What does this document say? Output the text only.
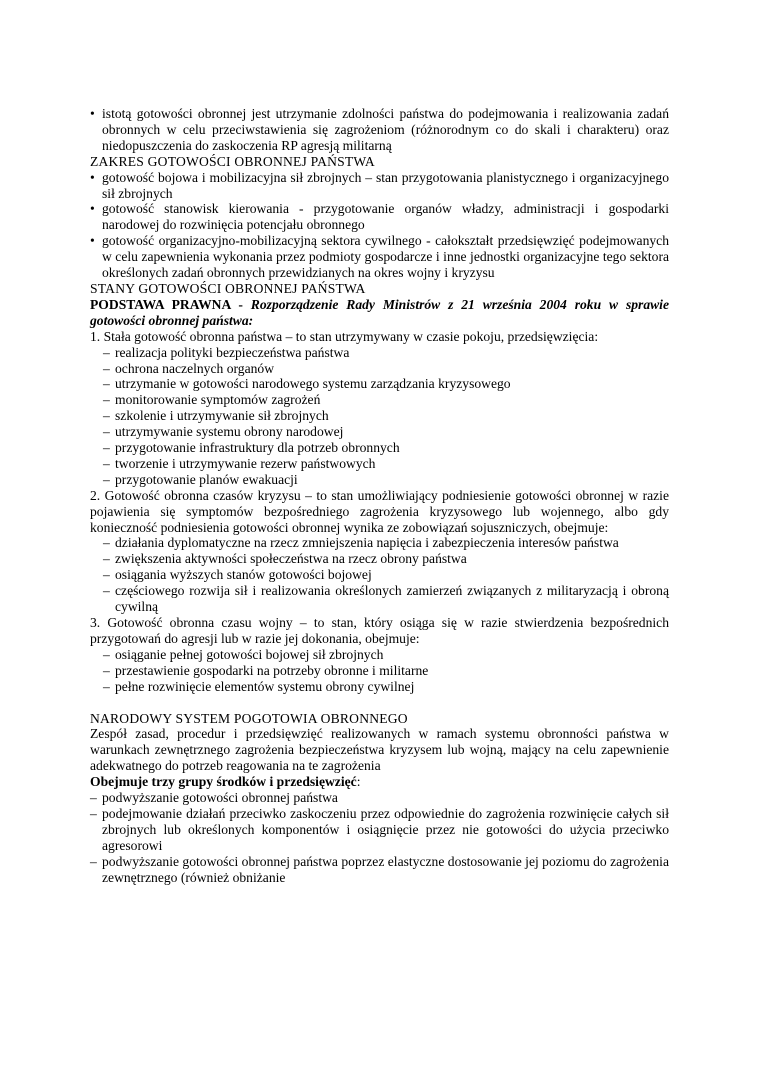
• istotą gotowości obronnej jest utrzymanie zdolności państwa do podejmowania i realizowania zadań obronnych w celu przeciwstawienia się zagrożeniom (różnorodnym co do skali i charakteru) oraz niedopuszczenia do zaskoczenia RP agresją militarną
ZAKRES GOTOWOŚCI OBRONNEJ PAŃSTWA
• gotowość bojowa i mobilizacyjna sił zbrojnych – stan przygotowania planistycznego i organizacyjnego sił zbrojnych
• gotowość stanowisk kierowania - przygotowanie organów władzy, administracji i gospodarki narodowej do rozwinięcia potencjału obronnego
• gotowość organizacyjno-mobilizacyjną sektora cywilnego - całokształt przedsięwzięć podejmowanych w celu zapewnienia wykonania przez podmioty gospodarcze i inne jednostki organizacyjne tego sektora określonych zadań obronnych przewidzianych na okres wojny i kryzysu
STANY GOTOWOŚCI OBRONNEJ PAŃSTWA

PODSTAWA PRAWNA - Rozporządzenie Rady Ministrów z 21 września 2004 roku w sprawie gotowości obronnej państwa:

1. Stała gotowość obronna państwa – to stan utrzymywany w czasie pokoju, przedsięwzięcia:

– realizacja polityki bezpieczeństwa państwa
– ochrona naczelnych organów
– utrzymanie w gotowości narodowego systemu zarządzania kryzysowego
– monitorowanie symptomów zagrożeń
– szkolenie i utrzymywanie sił zbrojnych
– utrzymywanie systemu obrony narodowej
– przygotowanie infrastruktury dla potrzeb obronnych
– tworzenie i utrzymywanie rezerw państwowych
– przygotowanie planów ewakuacji

2. Gotowość obronna czasów kryzysu – to stan umożliwiający podniesienie gotowości obronnej w razie pojawienia się symptomów bezpośredniego zagrożenia kryzysowego lub wojennego, albo gdy konieczność podniesienia gotowości obronnej wynika ze zobowiązań sojuszniczych, obejmuje:

– działania dyplomatyczne na rzecz zmniejszenia napięcia i zabezpieczenia interesów państwa
– zwiększenia aktywności społeczeństwa na rzecz obrony państwa
– osiągania wyższych stanów gotowości bojowej
– częściowego rozwija sił i realizowania określonych zamierzeń związanych z militaryzacją i obroną cywilną

3. Gotowość obronna czasu wojny – to stan, który osiąga się w razie stwierdzenia bezpośrednich przygotowań do agresji lub w razie jej dokonania, obejmuje:

– osiąganie pełnej gotowości bojowej sił zbrojnych
– przestawienie gospodarki na potrzeby obronne i militarne
– pełne rozwinięcie elementów systemu obrony cywilnej
NARODOWY SYSTEM POGOTOWIA OBRONNEGO

Zespół zasad, procedur i przedsięwzięć realizowanych w ramach systemu obronności państwa w warunkach zewnętrznego zagrożenia bezpieczeństwa kryzysem lub wojną, mający na celu zapewnienie adekwatnego do potrzeb reagowania na te zagrożenia

Obejmuje trzy grupy środków i przedsięwzięć:

– podwyższanie gotowości obronnej państwa
– podejmowanie działań przeciwko zaskoczeniu przez odpowiednie do zagrożenia rozwinięcie całych sił zbrojnych lub określonych komponentów i osiągnięcie przez nie gotowości do użycia przeciwko agresorowi
– podwyższanie gotowości obronnej państwa poprzez elastyczne dostosowanie jej poziomu do zagrożenia zewnętrznego (również obniżanie
